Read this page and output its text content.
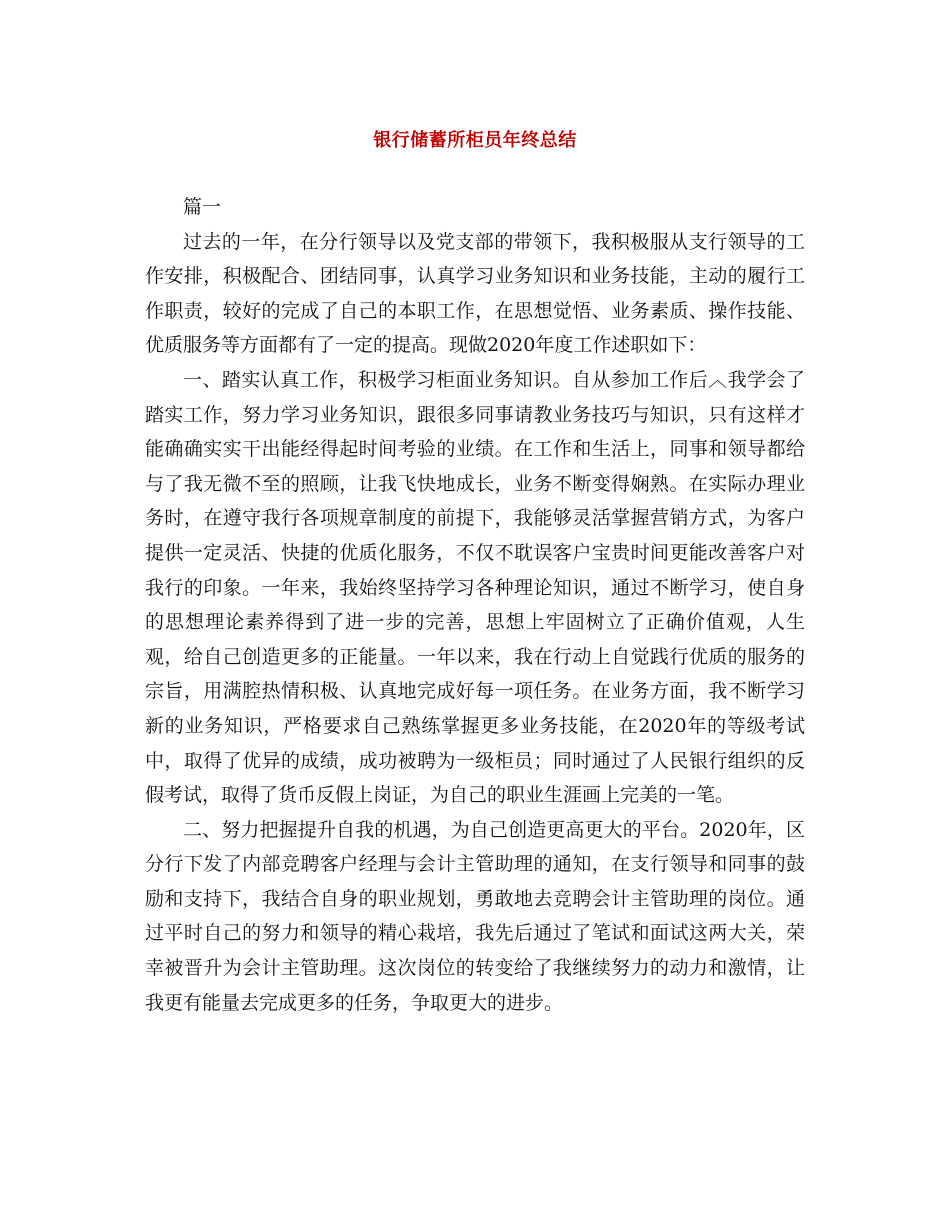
银行储蓄所柜员年终总结

篇一

过去的一年，在分行领导以及党支部的带领下，我积极服从支行领导的工作安排，积极配合、团结同事，认真学习业务知识和业务技能，主动的履行工作职责，较好的完成了自己的本职工作，在思想觉悟、业务素质、操作技能、优质服务等方面都有了一定的提高。现做2020年度工作述职如下：

一、踏实认真工作，积极学习柜面业务知识。自从参加工作后︿我学会了踏实工作，努力学习业务知识，跟很多同事请教业务技巧与知识，只有这样才能确确实实干出能经得起时间考验的业绩。在工作和生活上，同事和领导都给与了我无微不至的照顾，让我飞快地成长，业务不断变得娴熟。在实际办理业务时，在遵守我行各项规章制度的前提下，我能够灵活掌握营销方式，为客户提供一定灵活、快捷的优质化服务，不仅不耽误客户宝贵时间更能改善客户对我行的印象。一年来，我始终坚持学习各种理论知识，通过不断学习，使自身的思想理论素养得到了进一步的完善，思想上牢固树立了正确价值观，人生观，给自己创造更多的正能量。一年以来，我在行动上自觉践行优质的服务的宗旨，用满腔热情积极、认真地完成好每一项任务。在业务方面，我不断学习新的业务知识，严格要求自己熟练掌握更多业务技能，在2020年的等级考试中，取得了优异的成绩，成功被聘为一级柜员；同时通过了人民银行组织的反假考试，取得了货币反假上岗证，为自己的职业生涯画上完美的一笔。

二、努力把握提升自我的机遇，为自己创造更高更大的平台。2020年，区分行下发了内部竞聘客户经理与会计主管助理的通知，在支行领导和同事的鼓励和支持下，我结合自身的职业规划，勇敢地去竞聘会计主管助理的岗位。通过平时自己的努力和领导的精心栽培，我先后通过了笔试和面试这两大关，荣幸被晋升为会计主管助理。这次岗位的转变给了我继续努力的动力和激情，让我更有能量去完成更多的任务，争取更大的进步。
